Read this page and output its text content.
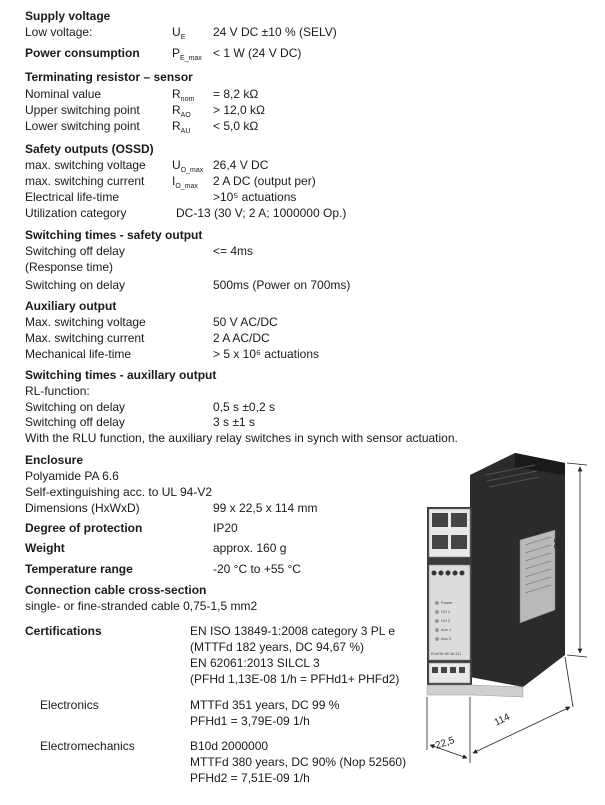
Supply voltage
Low voltage:	$U_E$ 24 V DC ±10 % (SELV)
Power consumption	$P_{E\_max} < 1$ W (24 V DC)
Terminating resistor – sensor
Nominal value	$R_{nom} = 8,2$ kΩ
Upper switching point	$R_{AO} > 12,0$ kΩ
Lower switching point	$R_{AU} < 5,0$ kΩ
Safety outputs (OSSD)
max. switching voltage $U_{O\_max}$ 26,4 V DC
max. switching current $I_{O\_max}$ 2 A DC (output per)
Electrical life-time	>10⁵ actuations
Utilization category	DC-13 (30 V; 2 A; 1000000 Op.)
Switching times - safety output
Switching off delay	<= 4ms
(Response time)
Switching on delay	500ms (Power on 700ms)
Auxiliary output
Max. switching voltage	50 V AC/DC
Max. switching current	2 A AC/DC
Mechanical life-time	> 5 x 10⁶ actuations
Switching times - auxillary output
RL-function:
Switching on delay	0,5 s ±0,2 s
Switching off delay	3 s ±1 s
With the RLU function, the auxiliary relay switches in synch with sensor actuation.
Enclosure
Polyamide PA 6.6
Self-extinguishing acc. to UL 94-V2
Dimensions (HxWxD)	99 x 22,5 x 114 mm
Degree of protection	IP20
Weight	approx. 160 g
Temperature range	-20 °C to +55 °C
Connection cable cross-section
single- or fine-stranded cable 0,75-1,5 mm2
Certifications	EN ISO 13849-1:2008 category 3 PL e
(MTTFd 182 years, DC 94,67 %)
EN 62061:2013 SILCL 3
(PFHd 1,13E-08 1/h = PFHd1+ PHFd2)
Electronics	MTTFd 351 years, DC 99 %
PFHd1 = 3,79E-09 1/h
Electromechanics	B10d 2000000
MTTFd 380 years, DC 90% (Nop 52560)
PFHd2 = 7,51E-09 1/h
Power
CH 1
CH 2
Aux 1
Aux 2
ELMON-SE 36-121
99
114
22,5
